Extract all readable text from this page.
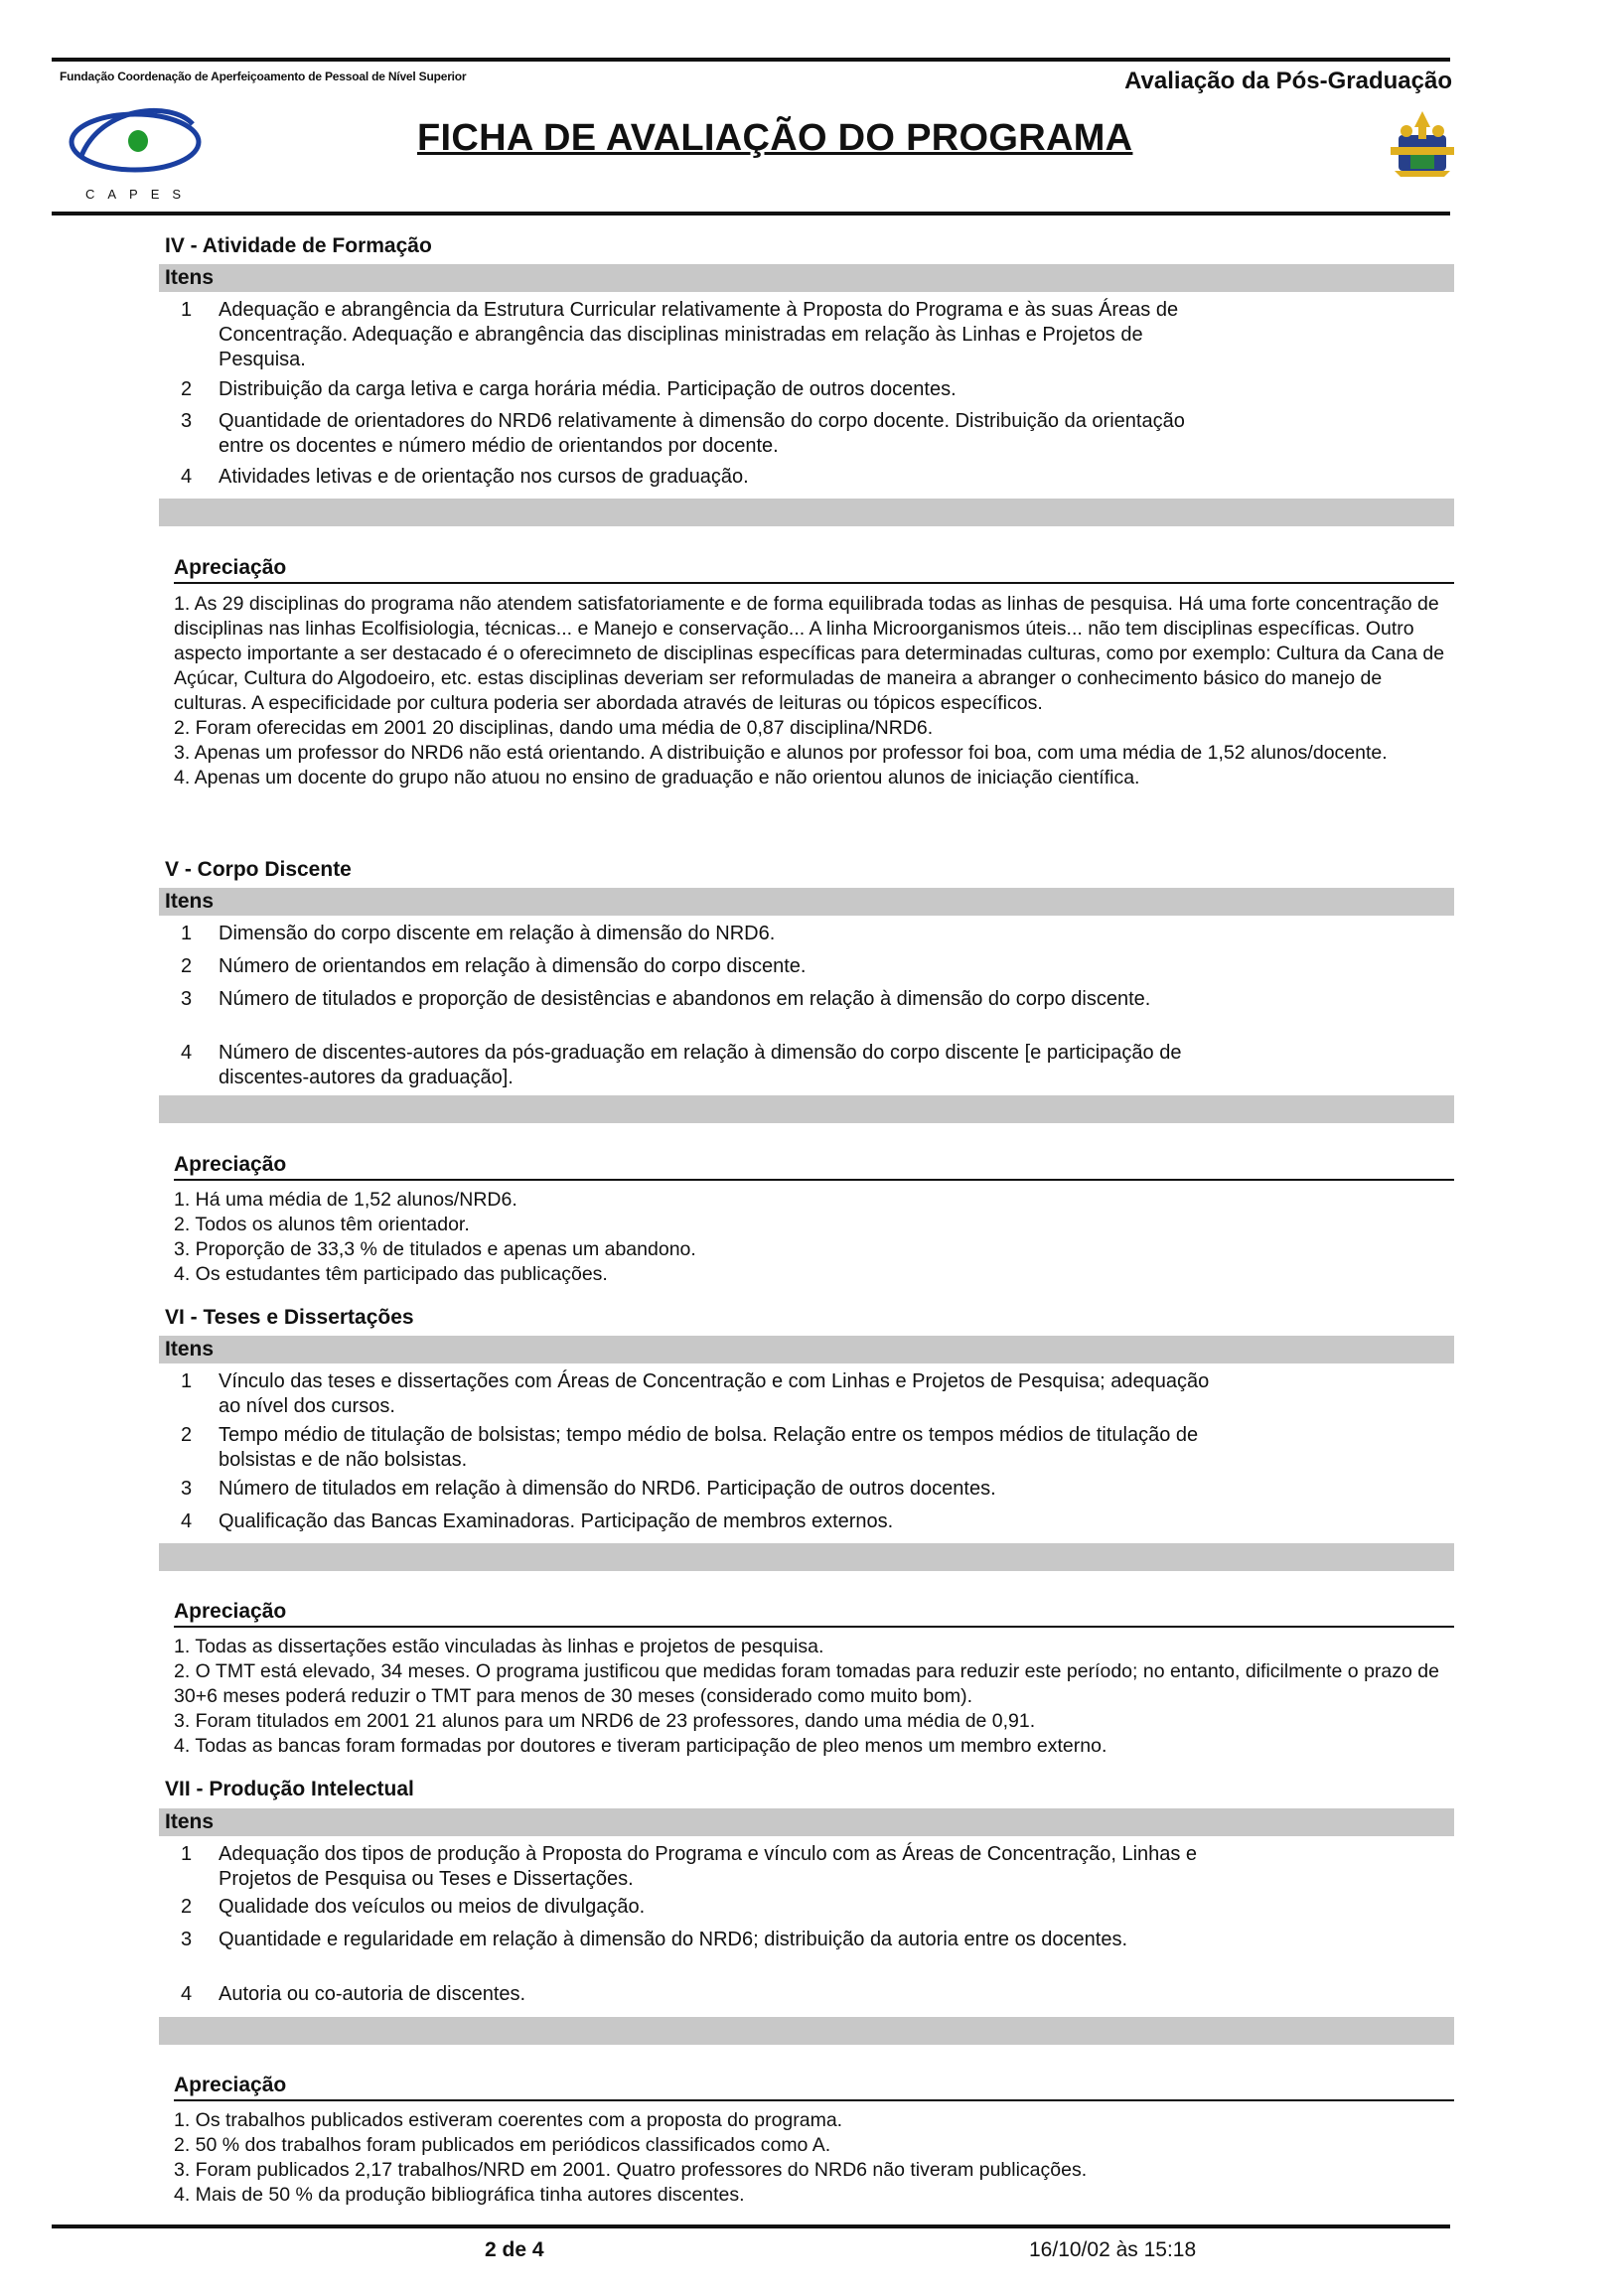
Fundação Coordenação de Aperfeiçoamento de Pessoal de Nível Superior	Avaliação da Pós-Graduação
CAPES
FICHA DE AVALIAÇÃO DO PROGRAMA
IV - Atividade de Formação
Itens
1 Adequação e abrangência da Estrutura Curricular relativamente à Proposta do Programa e às suas Áreas de Concentração. Adequação e abrangência das disciplinas ministradas em relação às Linhas e Projetos de Pesquisa.
2 Distribuição da carga letiva e carga horária média. Participação de outros docentes.
3 Quantidade de orientadores do NRD6 relativamente à dimensão do corpo docente. Distribuição da orientação entre os docentes e número médio de orientandos por docente.
4 Atividades letivas e de orientação nos cursos de graduação.
Apreciação
1. As 29 disciplinas do programa não atendem satisfatoriamente e de forma equilibrada todas as linhas de pesquisa. Há uma forte concentração de disciplinas nas linhas Ecolfisiologia, técnicas... e Manejo e conservação... A linha Microorganismos úteis... não tem disciplinas específicas. Outro aspecto importante a ser destacado é o oferecimneto de disciplinas específicas para determinadas culturas, como por exemplo: Cultura da Cana de Açúcar, Cultura do Algodoeiro, etc. estas disciplinas deveriam ser reformuladas de maneira a abranger o conhecimento básico do manejo de culturas. A especificidade por cultura poderia ser abordada através de leituras ou tópicos específicos.
2. Foram oferecidas em 2001 20 disciplinas, dando uma média de 0,87 disciplina/NRD6.
3. Apenas um professor do NRD6 não está orientando. A distribuição e alunos por professor foi boa, com uma média de 1,52 alunos/docente.
4. Apenas um docente do grupo não atuou no ensino de graduação e não orientou alunos de iniciação científica.
V - Corpo Discente
Itens
1 Dimensão do corpo discente em relação à dimensão do NRD6.
2 Número de orientandos em relação à dimensão do corpo discente.
3 Número de titulados e proporção de desistências e abandonos em relação à dimensão do corpo discente.
4 Número de discentes-autores da pós-graduação em relação à dimensão do corpo discente [e participação de discentes-autores da graduação].
Apreciação
1. Há uma média de 1,52 alunos/NRD6.
2. Todos os alunos têm orientador.
3. Proporção de 33,3 % de titulados e apenas um abandono.
4. Os estudantes têm participado das publicações.
VI - Teses e Dissertações
Itens
1 Vínculo das teses e dissertações com Áreas de Concentração e com Linhas e Projetos de Pesquisa; adequação ao nível dos cursos.
2 Tempo médio de titulação de bolsistas; tempo médio de bolsa. Relação entre os tempos médios de titulação de bolsistas e de não bolsistas.
3 Número de titulados em relação à dimensão do NRD6. Participação de outros docentes.
4 Qualificação das Bancas Examinadoras. Participação de membros externos.
Apreciação
1. Todas as dissertações estão vinculadas às linhas e projetos de pesquisa.
2. O TMT está elevado, 34 meses. O programa justificou que medidas foram tomadas para reduzir este período; no entanto, dificilmente o prazo de 30+6 meses poderá reduzir o TMT para menos de 30 meses (considerado como muito bom).
3. Foram titulados em 2001 21 alunos para um NRD6 de 23 professores, dando uma média de 0,91.
4. Todas as bancas foram formadas por doutores e tiveram participação de pleo menos um membro externo.
VII - Produção Intelectual
Itens
1 Adequação dos tipos de produção à Proposta do Programa e vínculo com as Áreas de Concentração, Linhas e Projetos de Pesquisa ou Teses e Dissertações.
2 Qualidade dos veículos ou meios de divulgação.
3 Quantidade e regularidade em relação à dimensão do NRD6; distribuição da autoria entre os docentes.
4 Autoria ou co-autoria de discentes.
Apreciação
1. Os trabalhos publicados estiveram coerentes com a proposta do programa.
2. 50 % dos trabalhos foram publicados em periódicos classificados como A.
3. Foram publicados 2,17 trabalhos/NRD em 2001. Quatro professores do NRD6 não tiveram publicações.
4. Mais de 50 % da produção bibliográfica tinha autores discentes.
2 de 4	16/10/02 às 15:18
